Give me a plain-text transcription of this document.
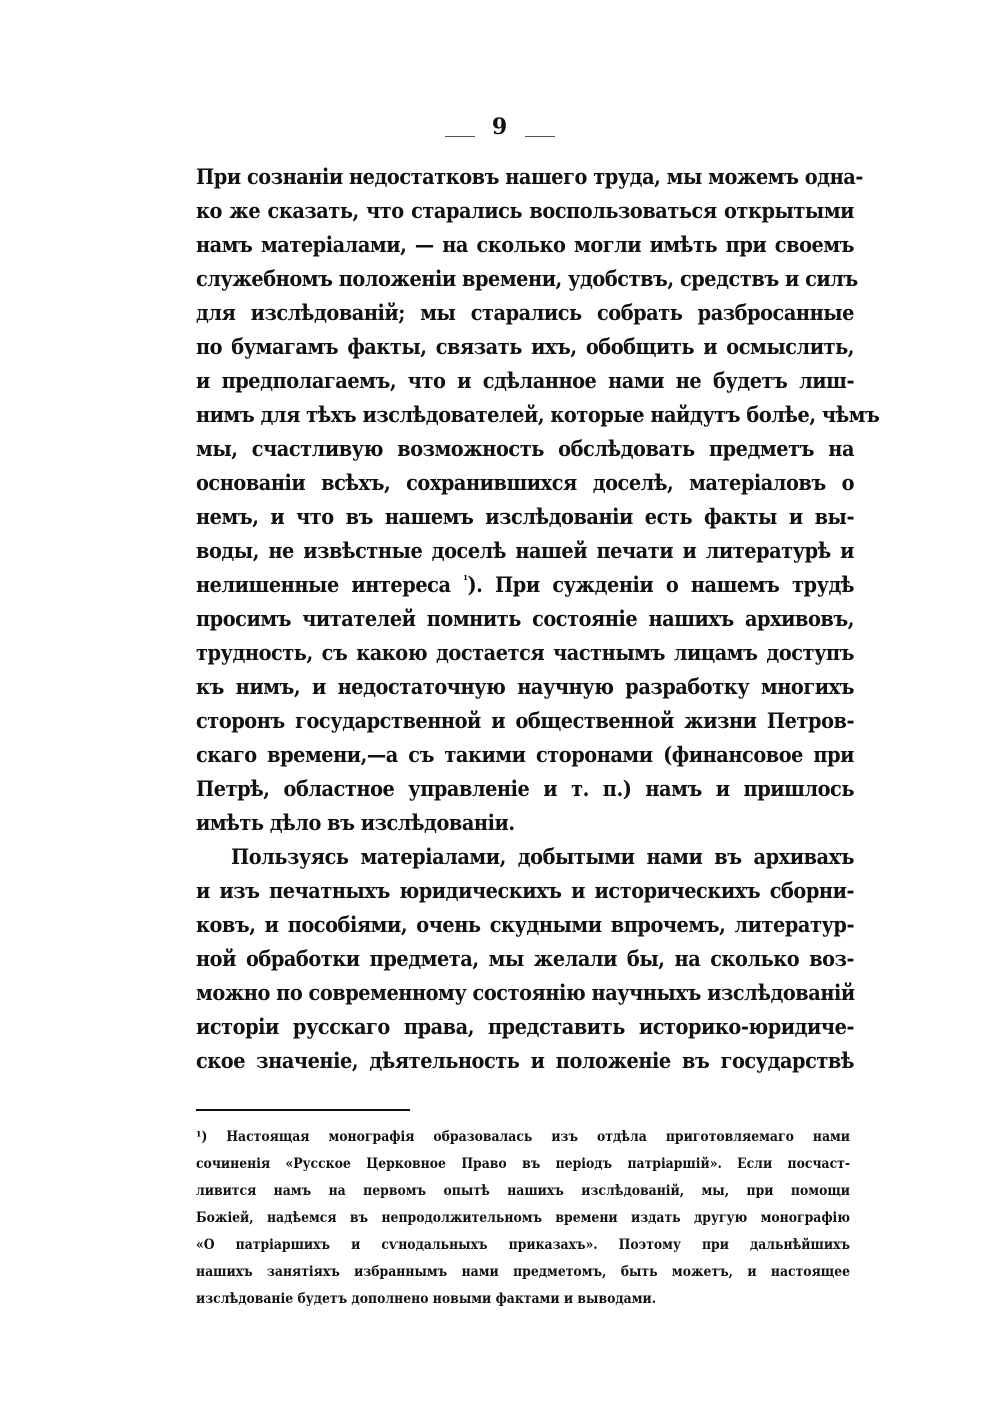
9
При сознаніи недостатковъ нашего труда, мы можемъ одна-
ко же сказать, что старались воспользоваться открытыми
намъ матеріалами, — на сколько могли имѣть при своемъ
служебномъ положеніи времени, удобствъ, средствъ и силъ
для изслѣдованій; мы старались собрать разбросанные
по бумагамъ факты, связать ихъ, обобщить и осмыслить,
и предполагаемъ, что и сдѣланное нами не будетъ лиш-
нимъ для тѣхъ изслѣдователей, которые найдутъ болѣе, чѣмъ
мы, счастливую возможность обслѣдовать предметъ на
основаніи всѣхъ, сохранившихся доселѣ, матеріаловъ о
немъ, и что въ нашемъ изслѣдованіи есть факты и вы-
воды, не извѣстные доселѣ нашей печати и литературѣ и
нелишенные интереса $^{^1}$). При сужденіи о нашемъ трудѣ
просимъ читателей помнить состояніе нашихъ архивовъ,
трудность, съ какою достается частнымъ лицамъ доступъ
къ нимъ, и недостаточную научную разработку многихъ
сторонъ государственной и общественной жизни Петров-
скаго времени,—а съ такими сторонами (финансовое при
Петрѣ, областное управленіе и т. п.) намъ и пришлось
имѣть дѣло въ изслѣдованіи.
Пользуясь матеріалами, добытыми нами въ архивахъ
и изъ печатныхъ юридическихъ и историческихъ сборни-
ковъ, и пособіями, очень скудными впрочемъ, литератур-
ной обработки предмета, мы желали бы, на сколько воз-
можно по современному состоянію научныхъ изслѣдованій
исторіи русскаго права, представить историко-юридиче-
ское значеніе, дѣятельность и положеніе въ государствѣ
¹) Настоящая монографія образовалась изъ отдѣла приготовляемаго нами
сочиненія «Русское Церковное Право въ періодъ патріаршій». Если посчаст-
ливится намъ на первомъ опытѣ нашихъ изслѣдованій, мы, при помощи
Божіей, надѣемся въ непродолжительномъ времени издать другую монографію
«О патріаршихъ и сѵнодальныхъ приказахъ». Поэтому при дальнѣйшихъ
нашихъ занятіяхъ избраннымъ нами предметомъ, быть можетъ, и настоящее
изслѣдованіе будетъ дополнено новыми фактами и выводами.
